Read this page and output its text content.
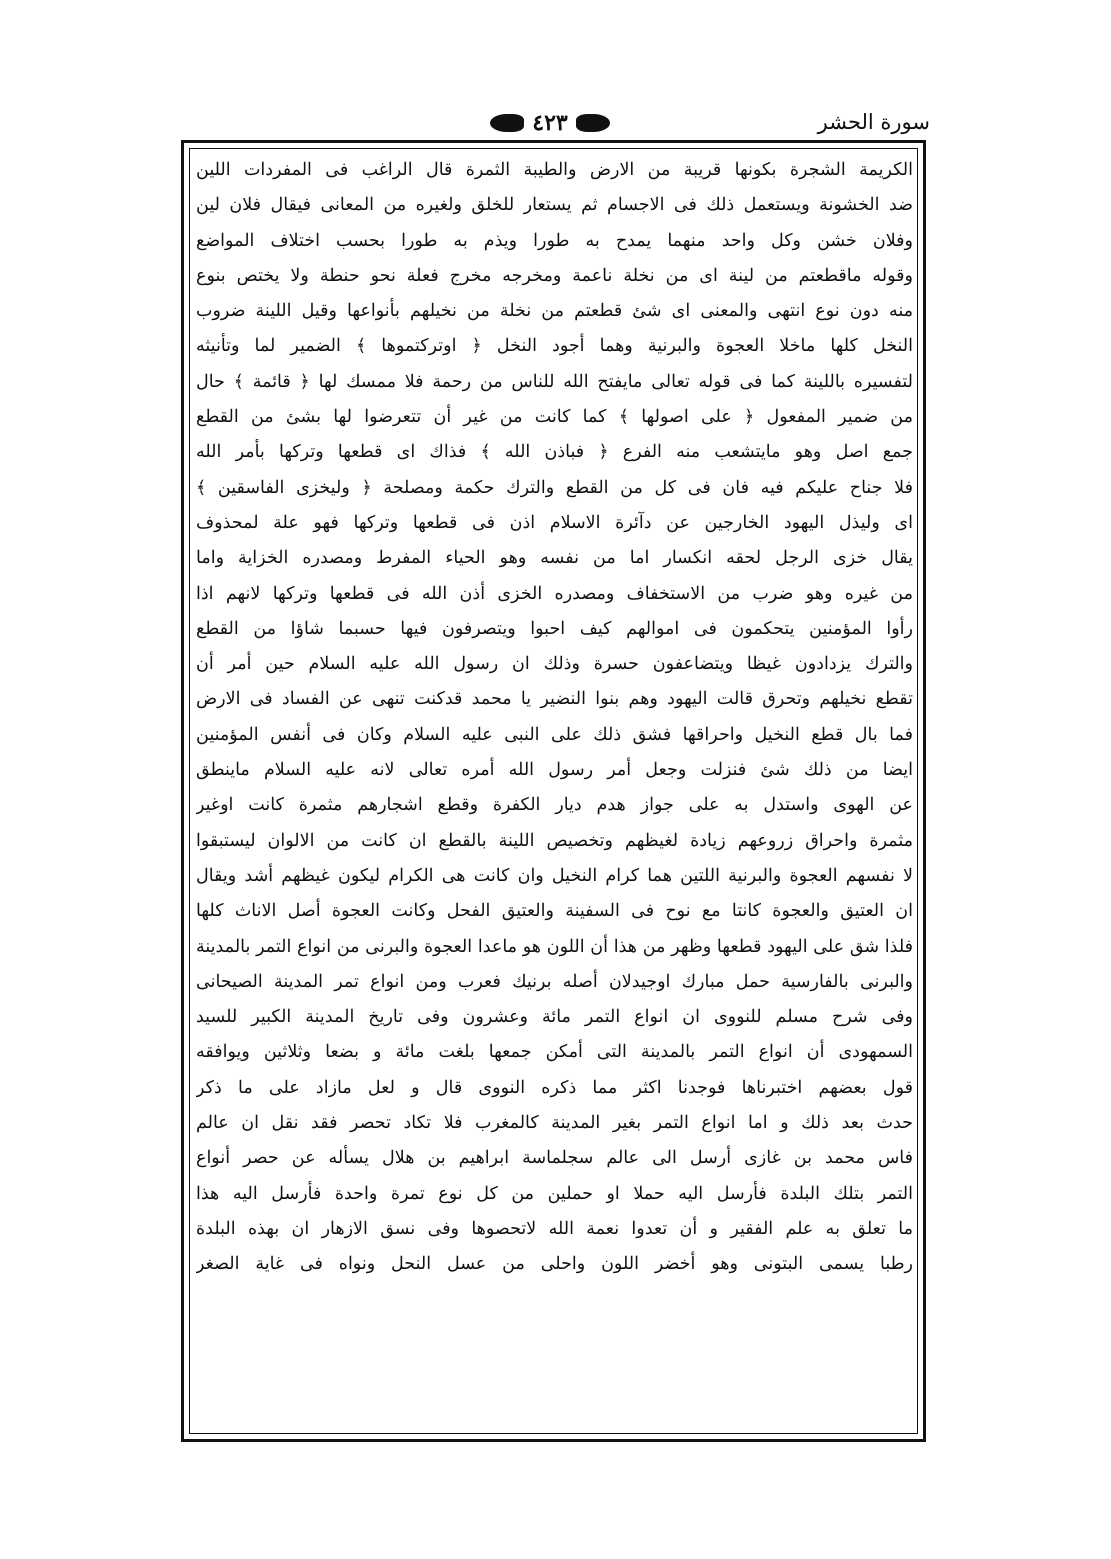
٤٢٣	سورة الحشر
الكريمة الشجرة بكونها قريبة من الارض والطيبة الثمرة قال الراغب فى المفردات اللين
ضد الخشونة ويستعمل ذلك فى الاجسام ثم يستعار للخلق ولغيره من المعانى فيقال فلان لين
وفلان خشن وكل واحد منهما يمدح به طورا ويذم به طورا بحسب اختلاف المواضع
وقوله ماقطعتم من لينة اى من نخلة ناعمة ومخرجه مخرج فعلة نحو حنطة ولا يختص بنوع
منه دون نوع انتهى والمعنى اى شئ قطعتم من نخلة من نخيلهم بأنواعها وقيل اللينة ضروب
النخل كلها ماخلا العجوة والبرنية وهما أجود النخل ﴿ اوتركتموها ﴾ الضمير لما وتأنيثه
لتفسيره باللينة كما فى قوله تعالى مايفتح الله للناس من رحمة فلا ممسك لها ﴿ قائمة ﴾ حال
من ضمير المفعول ﴿ على اصولها ﴾ كما كانت من غير أن تتعرضوا لها بشئ من القطع
جمع اصل وهو مايتشعب منه الفرع ﴿ فباذن الله ﴾ فذاك اى قطعها وتركها بأمر الله
فلا جناح عليكم فيه فان فى كل من القطع والترك حكمة ومصلحة ﴿ وليخزى الفاسقين ﴾
اى وليذل اليهود الخارجين عن دآئرة الاسلام اذن فى قطعها وتركها فهو علة لمحذوف
يقال خزى الرجل لحقه انكسار اما من نفسه وهو الحياء المفرط ومصدره الخزاية واما
من غيره وهو ضرب من الاستخفاف ومصدره الخزى أذن الله فى قطعها وتركها لانهم اذا
رأوا المؤمنين يتحكمون فى اموالهم كيف احبوا ويتصرفون فيها حسبما شاؤا من القطع
والترك يزدادون غيظا ويتضاعفون حسرة وذلك ان رسول الله عليه السلام حين أمر أن
تقطع نخيلهم وتحرق قالت اليهود وهم بنوا النضير يا محمد قدكنت تنهى عن الفساد فى الارض
فما بال قطع النخيل واحراقها فشق ذلك على النبى عليه السلام وكان فى أنفس المؤمنين
ايضا من ذلك شئ فنزلت وجعل أمر رسول الله أمره تعالى لانه عليه السلام ماينطق
عن الهوى واستدل به على جواز هدم ديار الكفرة وقطع اشجارهم مثمرة كانت اوغير
مثمرة واحراق زروعهم زيادة لغيظهم وتخصيص اللينة بالقطع ان كانت من الالوان ليستبقوا
لا نفسهم العجوة والبرنية اللتين هما كرام النخيل وان كانت هى الكرام ليكون غيظهم أشد ويقال
ان العتيق والعجوة كانتا مع نوح فى السفينة والعتيق الفحل وكانت العجوة أصل الاناث كلها
فلذا شق على اليهود قطعها وظهر من هذا أن اللون هو ماعدا العجوة والبرنى من انواع التمر بالمدينة
والبرنى بالفارسية حمل مبارك اوجيدلان أصله برنيك فعرب ومن انواع تمر المدينة الصيحانى
وفى شرح مسلم للنووى ان انواع التمر مائة وعشرون وفى تاريخ المدينة الكبير للسيد
السمهودى أن انواع التمر بالمدينة التى أمكن جمعها بلغت مائة و بضعا وثلاثين ويوافقه
قول بعضهم اختبرناها فوجدنا اكثر مما ذكره النووى قال و لعل مازاد على ما ذكر
حدث بعد ذلك و اما انواع التمر بغير المدينة كالمغرب فلا تكاد تحصر فقد نقل ان عالم
فاس محمد بن غازى أرسل الى عالم سجلماسة ابراهيم بن هلال يسأله عن حصر أنواع
التمر بتلك البلدة فأرسل اليه حملا او حملين من كل نوع تمرة واحدة فأرسل اليه هذا
ما تعلق به علم الفقير و أن تعدوا نعمة الله لاتحصوها وفى نسق الازهار ان بهذه البلدة
رطبا يسمى البتونى وهو أخضر اللون واحلى من عسل النحل ونواه فى غاية الصغر
